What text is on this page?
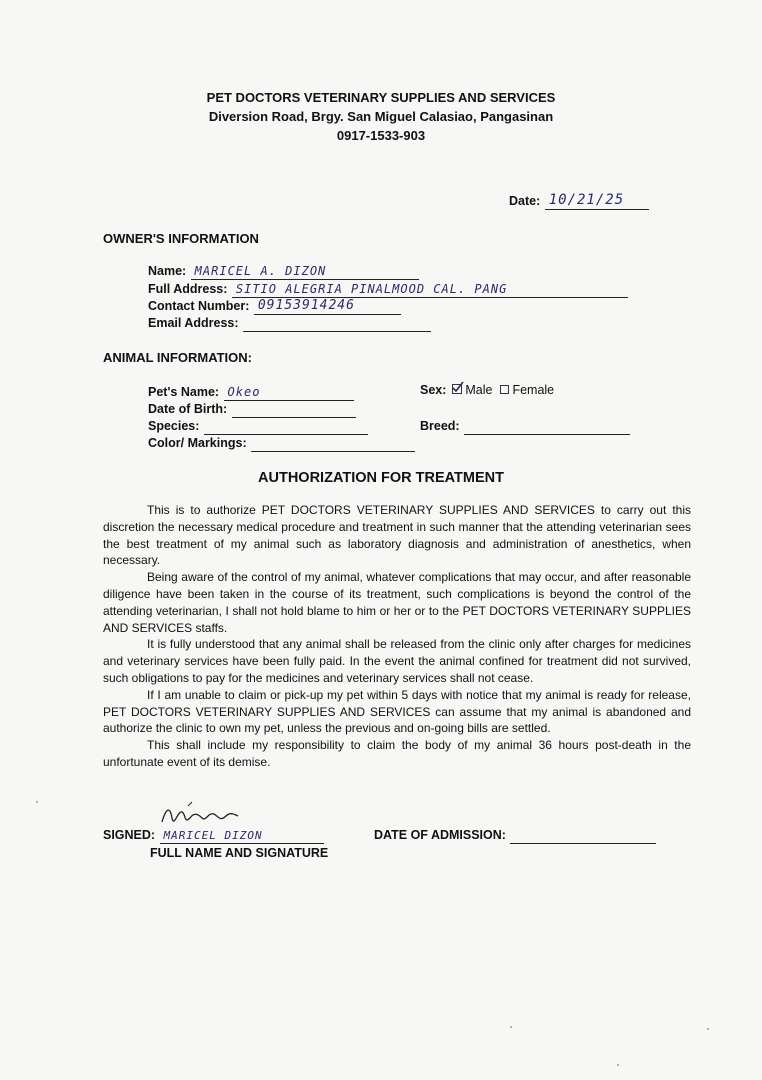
PET DOCTORS VETERINARY SUPPLIES AND SERVICES
Diversion Road, Brgy. San Miguel Calasiao, Pangasinan
0917-1533-903
Date: 10/21/25
OWNER'S INFORMATION
Name: MARICEL A. DIZON
Full Address: SITIO ALEGRIA PINALMOOD CAL. PANG
Contact Number: 09153914246
Email Address:
ANIMAL INFORMATION:
Pet's Name: Okeo
Date of Birth:
Species:
Color/ Markings:
Sex: Male Female
Breed:
AUTHORIZATION FOR TREATMENT

This is to authorize PET DOCTORS VETERINARY SUPPLIES AND SERVICES to carry out this discretion the necessary medical procedure and treatment in such manner that the attending veterinarian sees the best treatment of my animal such as laboratory diagnosis and administration of anesthetics, when necessary.

Being aware of the control of my animal, whatever complications that may occur, and after reasonable diligence have been taken in the course of its treatment, such complications is beyond the control of the attending veterinarian, I shall not hold blame to him or her or to the PET DOCTORS VETERINARY SUPPLIES AND SERVICES staffs.

It is fully understood that any animal shall be released from the clinic only after charges for medicines and veterinary services have been fully paid. In the event the animal confined for treatment did not survived, such obligations to pay for the medicines and veterinary services shall not cease.

If I am unable to claim or pick-up my pet within 5 days with notice that my animal is ready for release, PET DOCTORS VETERINARY SUPPLIES AND SERVICES can assume that my animal is abandoned and authorize the clinic to own my pet, unless the previous and on-going bills are settled.

This shall include my responsibility to claim the body of my animal 36 hours post-death in the unfortunate event of its demise.

SIGNED: MARICEL DIZON
FULL NAME AND SIGNATURE
DATE OF ADMISSION:
